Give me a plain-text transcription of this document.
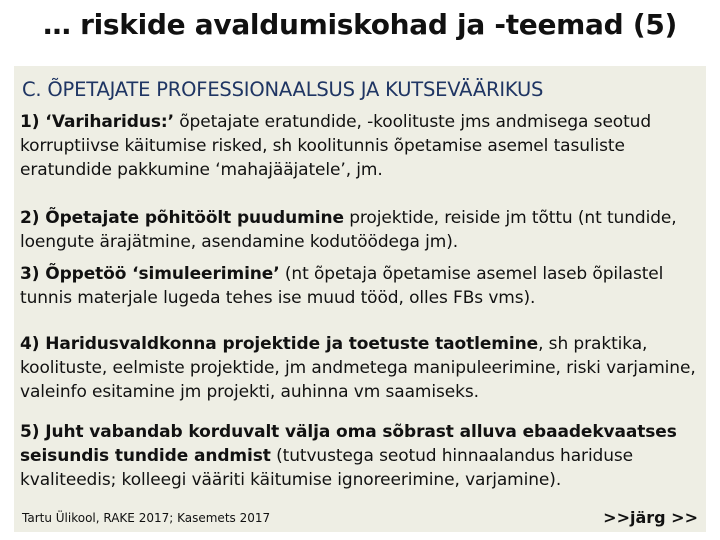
… riskide avaldumiskohad ja -teemad (5)
C. ÕPETAJATE PROFESSIONAALSUS JA KUTSEVÄÄRIKUS
1) ‘Variharidus:’ õpetajate eratundide, -koolituste jms andmisega seotud korruptiivse käitumise risked, sh koolitunnis õpetamise asemel tasuliste eratundide pakkumine ‘mahajääjatele’, jm.
2) Õpetajate põhitöölt puudumine projektide, reiside jm tõttu (nt tundide, loengute ärajätmine, asendamine kodutöödega jm).
3) Õppetöö ‘simuleerimine’ (nt õpetaja õpetamise asemel laseb õpilastel tunnis materjale lugeda tehes ise muud tööd, olles FBs vms).
4) Haridusvaldkonna projektide ja toetuste taotlemine, sh praktika, koolituste, eelmiste projektide, jm andmetega manipuleerimine, riski varjamine, valeinfo esitamine jm projekti, auhinna vm saamiseks.
5) Juht vabandab korduvalt välja oma sõbrast alluva ebaadekvaatses seisundis tundide andmist (tutvustega seotud hinnaalandus hariduse kvaliteedis; kolleegi vääriti käitumise ignoreerimine, varjamine).
Tartu Ülikool, RAKE 2017; Kasemets 2017	>>järg >>
